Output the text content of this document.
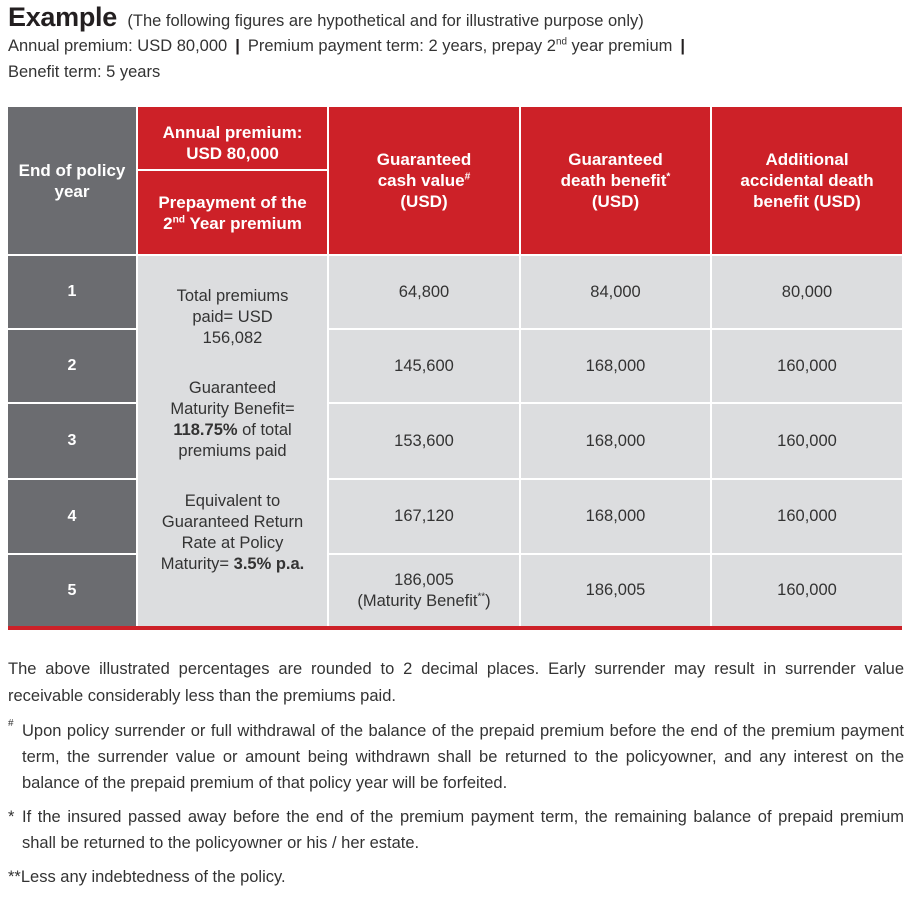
Example (The following figures are hypothetical and for illustrative purpose only)
Annual premium: USD 80,000 | Premium payment term: 2 years, prepay 2nd year premium |
Benefit term: 5 years
End of policy year
Annual premium: USD 80,000
Prepayment of the 2nd Year premium
Guaranteed cash value# (USD)
Guaranteed death benefit* (USD)
Additional accidental death benefit (USD)
1
2
3
4
5
Total premiums paid= USD 156,082
Guaranteed Maturity Benefit= 118.75% of total premiums paid
Equivalent to Guaranteed Return Rate at Policy Maturity= 3.5% p.a.
64,800
145,600
153,600
167,120
186,005
(Maturity Benefit**)
84,000
168,000
168,000
168,000
186,005
80,000
160,000
160,000
160,000
160,000

The above illustrated percentages are rounded to 2 decimal places. Early surrender may result in surrender value receivable considerably less than the premiums paid.

# Upon policy surrender or full withdrawal of the balance of the prepaid premium before the end of the premium payment term, the surrender value or amount being withdrawn shall be returned to the policyowner, and any interest on the balance of the prepaid premium of that policy year will be forfeited.
* If the insured passed away before the end of the premium payment term, the remaining balance of prepaid premium shall be returned to the policyowner or his / her estate.
**Less any indebtedness of the policy.
